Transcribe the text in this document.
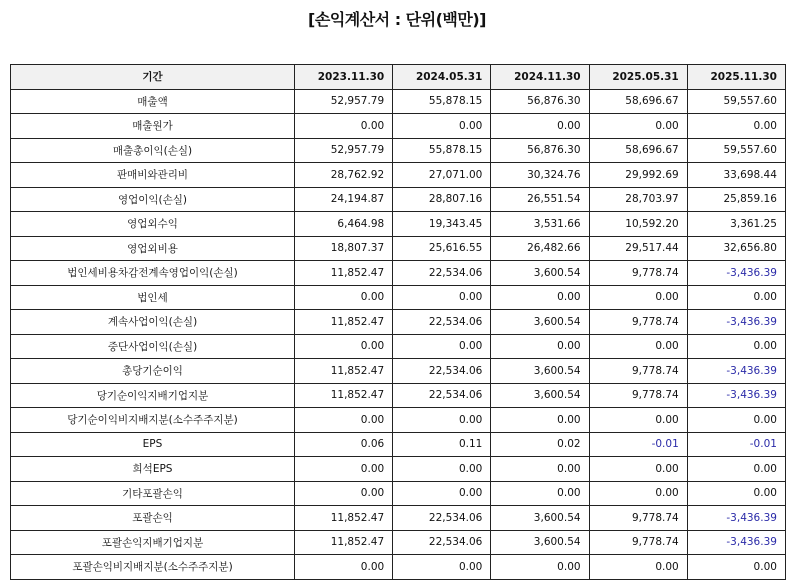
[손익계산서 : 단위(백만)]
기간	2023.11.30	2024.05.31	2024.11.30	2025.05.31	2025.11.30
매출액	52,957.79	55,878.15	56,876.30	58,696.67	59,557.60
매출원가	0.00	0.00	0.00	0.00	0.00
매출총이익(손실)	52,957.79	55,878.15	56,876.30	58,696.67	59,557.60
판매비와관리비	28,762.92	27,071.00	30,324.76	29,992.69	33,698.44
영업이익(손실)	24,194.87	28,807.16	26,551.54	28,703.97	25,859.16
영업외수익	6,464.98	19,343.45	3,531.66	10,592.20	3,361.25
영업외비용	18,807.37	25,616.55	26,482.66	29,517.44	32,656.80
법인세비용차감전계속영업이익(손실)	11,852.47	22,534.06	3,600.54	9,778.74	-3,436.39
법인세	0.00	0.00	0.00	0.00	0.00
계속사업이익(손실)	11,852.47	22,534.06	3,600.54	9,778.74	-3,436.39
중단사업이익(손실)	0.00	0.00	0.00	0.00	0.00
총당기순이익	11,852.47	22,534.06	3,600.54	9,778.74	-3,436.39
당기순이익지배기업지분	11,852.47	22,534.06	3,600.54	9,778.74	-3,436.39
당기순이익비지배지분(소수주주지분)	0.00	0.00	0.00	0.00	0.00
EPS	0.06	0.11	0.02	-0.01	-0.01
희석EPS	0.00	0.00	0.00	0.00	0.00
기타포괄손익	0.00	0.00	0.00	0.00	0.00
포괄손익	11,852.47	22,534.06	3,600.54	9,778.74	-3,436.39
포괄손익지배기업지분	11,852.47	22,534.06	3,600.54	9,778.74	-3,436.39
포괄손익비지배지분(소수주주지분)	0.00	0.00	0.00	0.00	0.00
